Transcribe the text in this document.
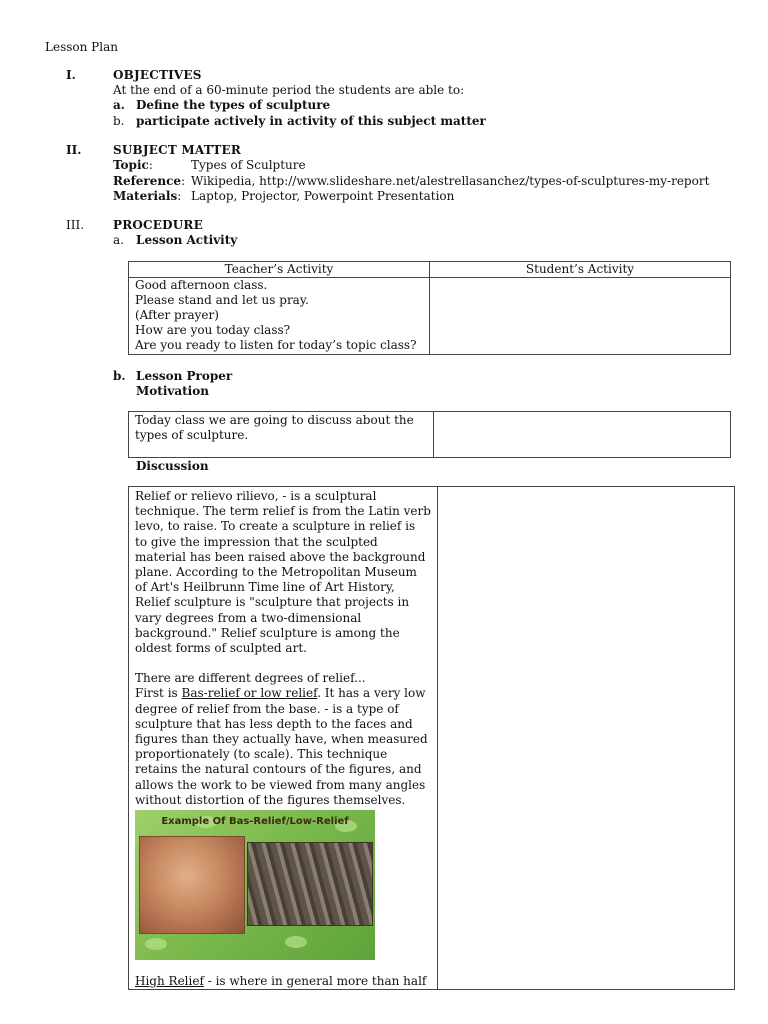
Lesson Plan
I.	OBJECTIVES
At the end of a 60-minute period the students are able to:
a. Define the types of sculpture
b. participate actively in activity of this subject matter
II.	SUBJECT MATTER
Topic:	Types of Sculpture
Reference: Wikipedia, http://www.slideshare.net/alestrellasanchez/types-of-sculptures-my-report
Materials: Laptop, Projector, Powerpoint Presentation
III.	PROCEDURE
a. Lesson Activity
Teacher’s Activity	Student’s Activity

Good afternoon class.
Please stand and let us pray.
(After prayer)
How are you today class?
Are you ready to listen for today’s topic class?	

b. Lesson Proper
Motivation
Today class we are going to discuss about the types of sculpture.

Discussion

Relief or relievo rilievo, - is a sculptural technique. The term relief is from the Latin verb levo, to raise. To create a sculpture in relief is to give the impression that the sculpted material has been raised above the background plane. According to the Metropolitan Museum of Art's Heilbrunn Time line of Art History, Relief sculpture is "sculpture that projects in vary degrees from a two-dimensional background." Relief sculpture is among the oldest forms of sculpted art.

There are different degrees of relief...

First is Bas-relief or low relief. It has a very low degree of relief from the base. - is a type of sculpture that has less depth to the faces and figures than they actually have, when measured proportionately (to scale). This technique retains the natural contours of the figures, and allows the work to be viewed from many angles without distortion of the figures themselves.

Example Of Bas-Relief/Low-Relief

High Relief - is where in general more than half
